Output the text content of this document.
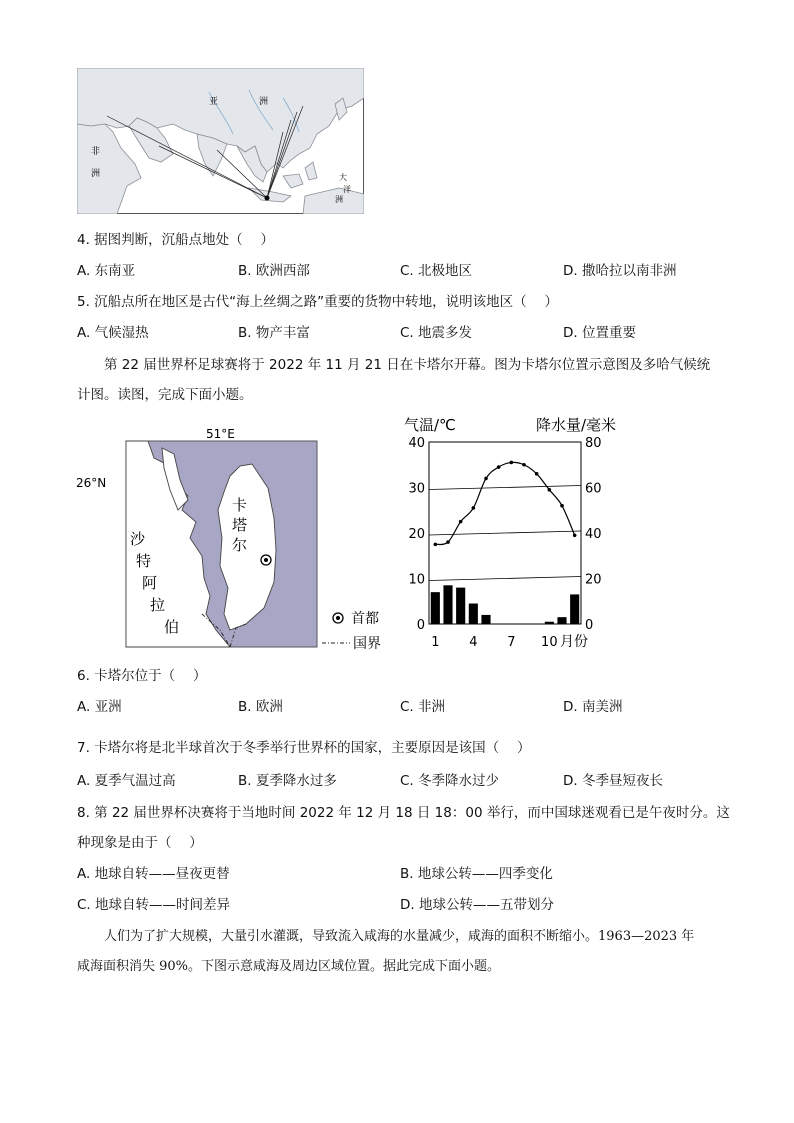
亚	洲
非
洲	大
洋
洲
4. 据图判断，沉船点地处（　 ）
A. 东南亚	B. 欧洲西部	C. 北极地区	D. 撒哈拉以南非洲
5. 沉船点所在地区是古代“海上丝绸之路”重要的货物中转地，说明该地区（　 ）
A. 气候湿热	B. 物产丰富	C. 地震多发	D. 位置重要
第 22 届世界杯足球赛将于 2022 年 11 月 21 日在卡塔尔开幕。图为卡塔尔位置示意图及多哈气候统
计图。读图，完成下面小题。
51°E
26°N
卡
塔
尔
沙
特
阿
拉
伯	首都
国界
气温/℃	降水量/毫米
40
30
20
10
0
80
60
40
20
0
1 4 7 10 月份
6. 卡塔尔位于（　 ）
A. 亚洲	B. 欧洲	C. 非洲	D. 南美洲
7. 卡塔尔将是北半球首次于冬季举行世界杯的国家，主要原因是该国（　 ）
A. 夏季气温过高	B. 夏季降水过多	C. 冬季降水过少	D. 冬季昼短夜长
8. 第 22 届世界杯决赛将于当地时间 2022 年 12 月 18 日 18：00 举行，而中国球迷观看已是午夜时分。这
种现象是由于（　 ）
A. 地球自转——昼夜更替	B. 地球公转——四季变化
C. 地球自转——时间差异	D. 地球公转——五带划分
人们为了扩大规模，大量引水灌溉，导致流入咸海的水量减少，咸海的面积不断缩小。1963—2023 年
咸海面积消失 90%。下图示意咸海及周边区域位置。据此完成下面小题。
